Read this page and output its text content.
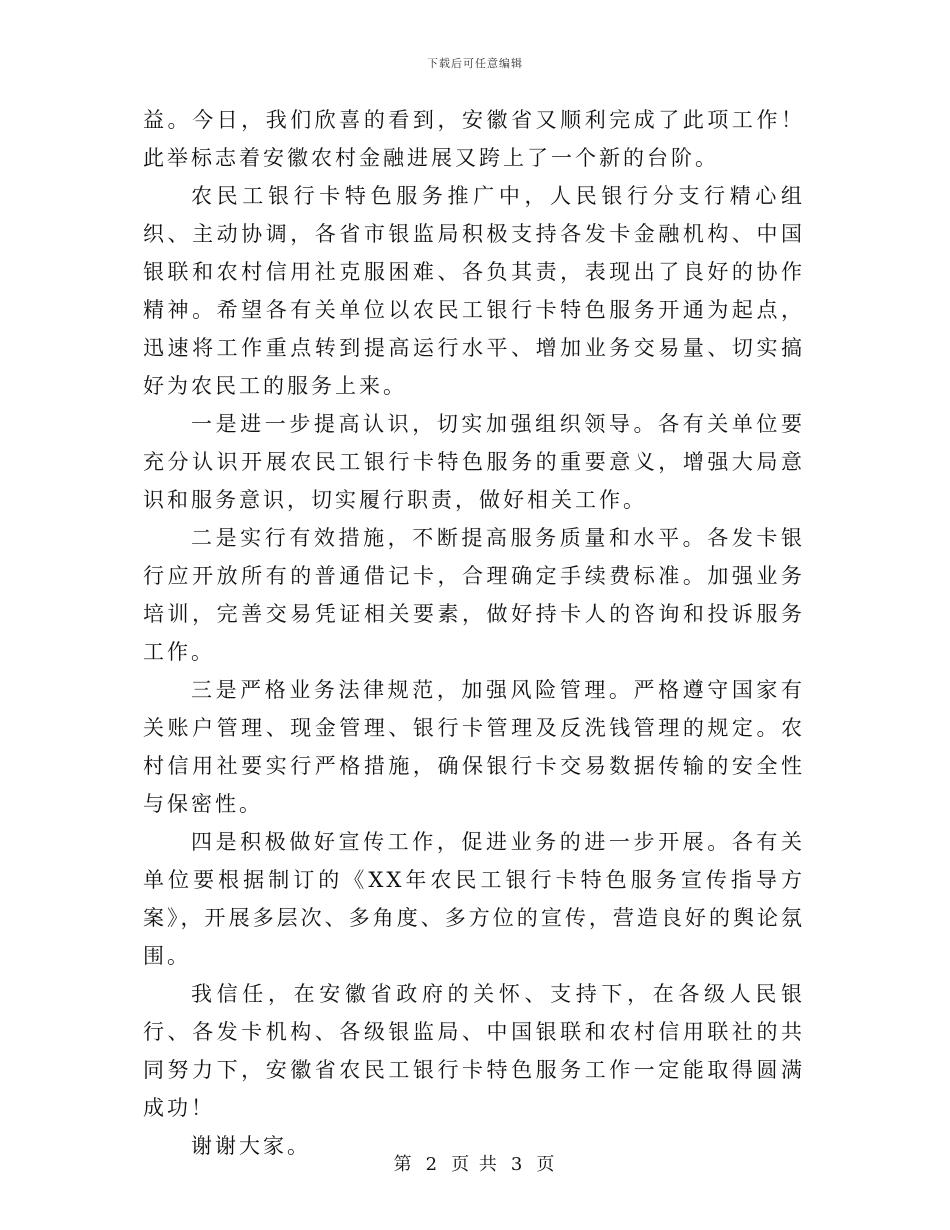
下载后可任意编辑

益。今日，我们欣喜的看到，安徽省又顺利完成了此项工作！此举标志着安徽农村金融进展又跨上了一个新的台阶。

农民工银行卡特色服务推广中，人民银行分支行精心组织、主动协调，各省市银监局积极支持各发卡金融机构、中国银联和农村信用社克服困难、各负其责，表现出了良好的协作精神。希望各有关单位以农民工银行卡特色服务开通为起点，迅速将工作重点转到提高运行水平、增加业务交易量、切实搞好为农民工的服务上来。

一是进一步提高认识，切实加强组织领导。各有关单位要充分认识开展农民工银行卡特色服务的重要意义，增强大局意识和服务意识，切实履行职责，做好相关工作。

二是实行有效措施，不断提高服务质量和水平。各发卡银行应开放所有的普通借记卡，合理确定手续费标准。加强业务培训，完善交易凭证相关要素，做好持卡人的咨询和投诉服务工作。

三是严格业务法律规范，加强风险管理。严格遵守国家有关账户管理、现金管理、银行卡管理及反洗钱管理的规定。农村信用社要实行严格措施，确保银行卡交易数据传输的安全性与保密性。

四是积极做好宣传工作，促进业务的进一步开展。各有关单位要根据制订的《XX年农民工银行卡特色服务宣传指导方案》，开展多层次、多角度、多方位的宣传，营造良好的舆论氛围。

我信任，在安徽省政府的关怀、支持下，在各级人民银行、各发卡机构、各级银监局、中国银联和农村信用联社的共同努力下，安徽省农民工银行卡特色服务工作一定能取得圆满成功！

谢谢大家。

第 2 页 共 3 页
